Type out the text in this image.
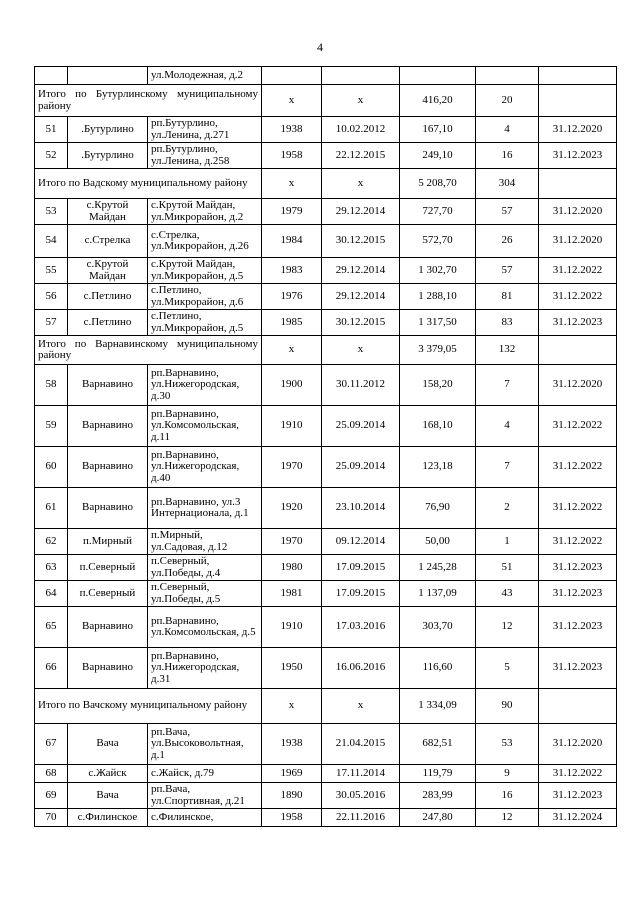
4
		ул.Молодежная, д.2					
Итого по Бутурлинскому муниципальному району			х	х	416,20	20	
51	.Бутурлино	рп.Бутурлино, ул.Ленина, д.271	1938	10.02.2012	167,10	4	31.12.2020
52	.Бутурлино	рп.Бутурлино, ул.Ленина, д.258	1958	22.12.2015	249,10	16	31.12.2023
Итого по Вадскому муниципальному району			х	х	5 208,70	304	
53	с.Крутой Майдан	с.Крутой Майдан, ул.Микрорайон, д.2	1979	29.12.2014	727,70	57	31.12.2020
54	с.Стрелка	с.Стрелка, ул.Микрорайон, д.26	1984	30.12.2015	572,70	26	31.12.2020
55	с.Крутой Майдан	с.Крутой Майдан, ул.Микрорайон, д.5	1983	29.12.2014	1 302,70	57	31.12.2022
56	с.Петлино	с.Петлино, ул.Микрорайон, д.6	1976	29.12.2014	1 288,10	81	31.12.2022
57	с.Петлино	с.Петлино, ул.Микрорайон, д.5	1985	30.12.2015	1 317,50	83	31.12.2023
Итого по Варнавинскому муниципальному району			х	х	3 379,05	132	
58	Варнавино	рп.Варнавино, ул.Нижегородская, д.30	1900	30.11.2012	158,20	7	31.12.2020
59	Варнавино	рп.Варнавино, ул.Комсомольская, д.11	1910	25.09.2014	168,10	4	31.12.2022
60	Варнавино	рп.Варнавино, ул.Нижегородская, д.40	1970	25.09.2014	123,18	7	31.12.2022
61	Варнавино	рп.Варнавино, ул.3 Интернационала, д.1	1920	23.10.2014	76,90	2	31.12.2022
62	п.Мирный	п.Мирный, ул.Садовая, д.12	1970	09.12.2014	50,00	1	31.12.2022
63	п.Северный	п.Северный, ул.Победы, д.4	1980	17.09.2015	1 245,28	51	31.12.2023
64	п.Северный	п.Северный, ул.Победы, д.5	1981	17.09.2015	1 137,09	43	31.12.2023
65	Варнавино	рп.Варнавино, ул.Комсомольская, д.5	1910	17.03.2016	303,70	12	31.12.2023
66	Варнавино	рп.Варнавино, ул.Нижегородская, д.31	1950	16.06.2016	116,60	5	31.12.2023
Итого по Вачскому муниципальному району			х	х	1 334,09	90	
67	Вача	рп.Вача, ул.Высоковольтная, д.1	1938	21.04.2015	682,51	53	31.12.2020
68	с.Жайск	с.Жайск, д.79	1969	17.11.2014	119,79	9	31.12.2022
69	Вача	рп.Вача, ул.Спортивная, д.21	1890	30.05.2016	283,99	16	31.12.2023
70	с.Филинское	с.Филинское,	1958	22.11.2016	247,80	12	31.12.2024
